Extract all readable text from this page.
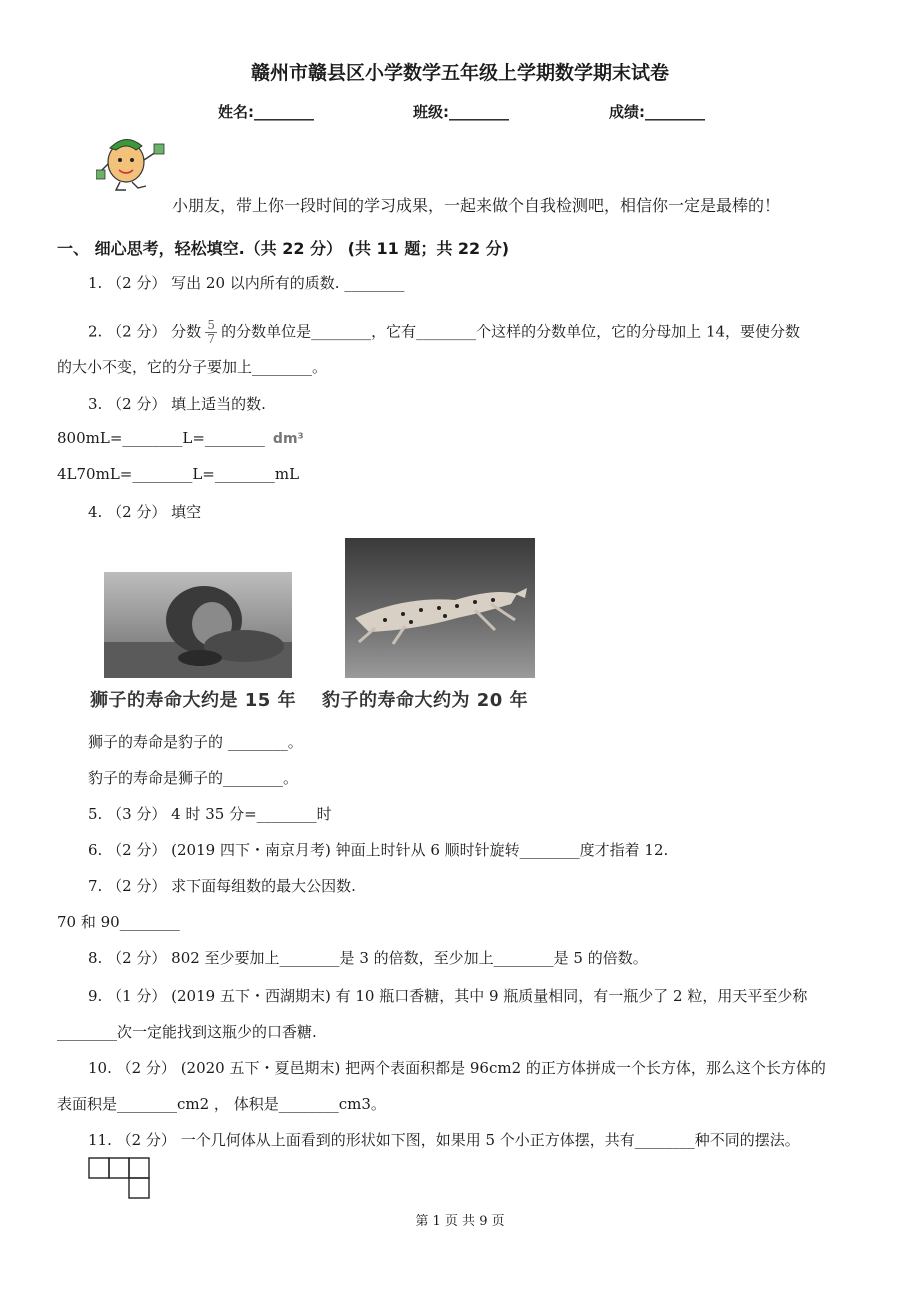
赣州市赣县区小学数学五年级上学期数学期末试卷
姓名:________	班级:________	成绩:________
小朋友，带上你一段时间的学习成果，一起来做个自我检测吧，相信你一定是最棒的！
一、 细心思考，轻松填空.（共 22 分） (共 11 题；共 22 分)
1. （2 分） 写出 20 以内所有的质数. ________
2. （2 分） 分数 $\frac{5}{7}$ 的分数单位是________，它有________个这样的分数单位，它的分母加上 14，要使分数
的大小不变，它的分子要加上________。
3. （2 分） 填上适当的数.
800mL=________L=________ dm³
4L70mL=________L=________mL
4. （2 分） 填空
狮子的寿命大约是 15 年 豹子的寿命大约为 20 年
狮子的寿命是豹子的 ________。
豹子的寿命是狮子的________。
5. （3 分） 4 时 35 分=________时
6. （2 分） (2019 四下・南京月考) 钟面上时针从 6 顺时针旋转________度才指着 12.
7. （2 分） 求下面每组数的最大公因数.
70 和 90________
8. （2 分） 802 至少要加上________是 3 的倍数，至少加上________是 5 的倍数。
9. （1 分） (2019 五下・西湖期末) 有 10 瓶口香糖，其中 9 瓶质量相同，有一瓶少了 2 粒，用天平至少称
________次一定能找到这瓶少的口香糖.
10. （2 分） (2020 五下・夏邑期末) 把两个表面积都是 96cm2 的正方体拼成一个长方体，那么这个长方体的
表面积是________cm2 ， 体积是________cm3。
11. （2 分） 一个几何体从上面看到的形状如下图，如果用 5 个小正方体摆，共有________种不同的摆法。
第 1 页 共 9 页
